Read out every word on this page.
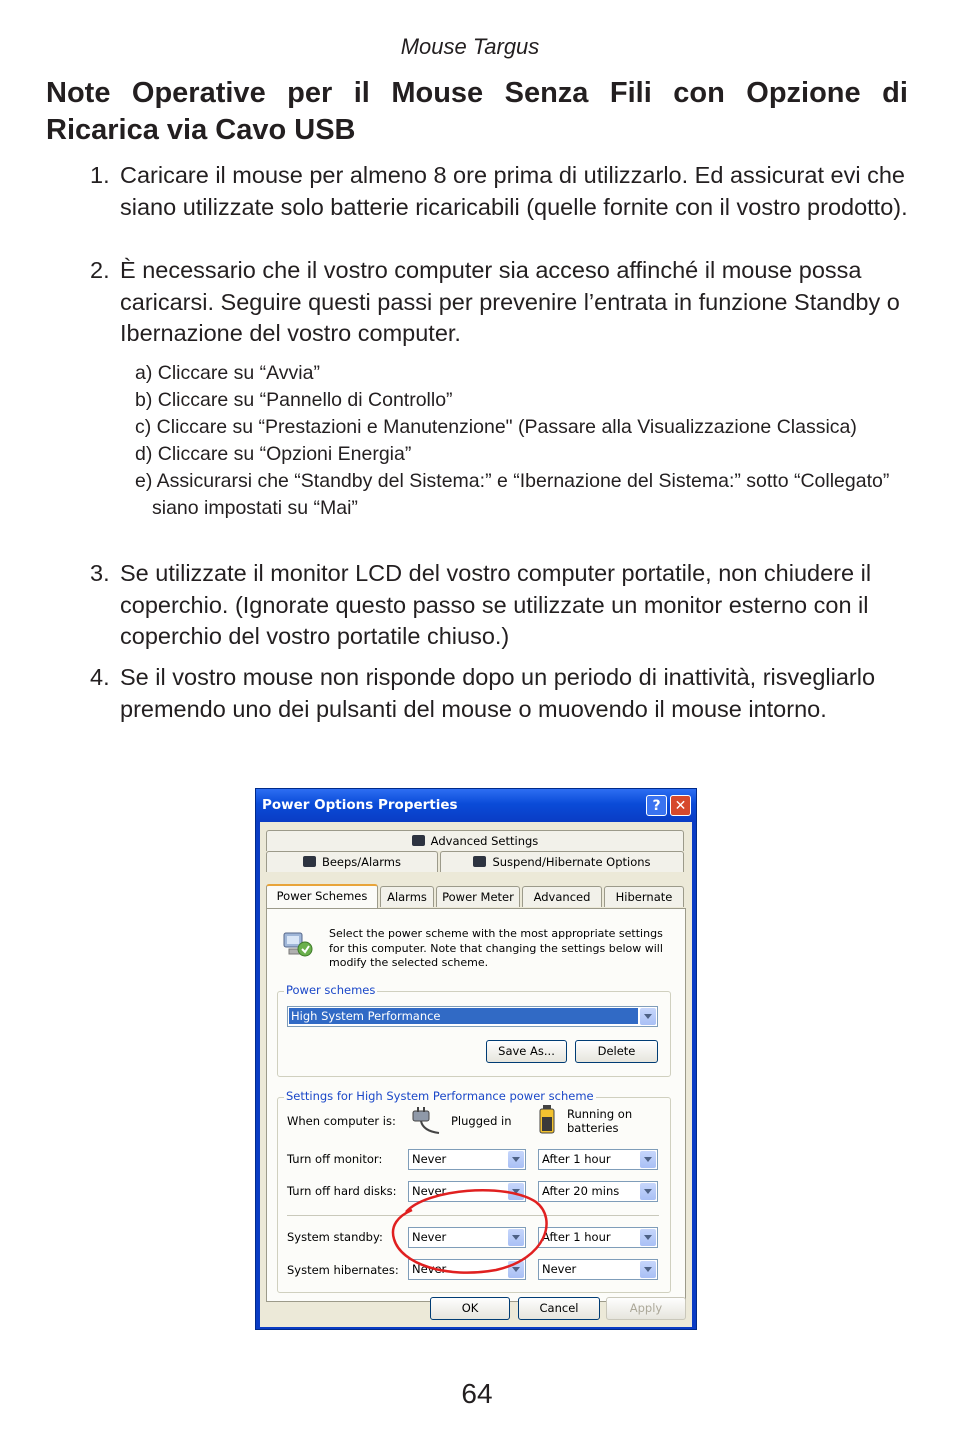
Mouse Targus
Note Operative per il Mouse Senza Fili con Opzione di
Ricarica via Cavo USB
1. Caricare il mouse per almeno 8 ore prima di utilizzarlo. Ed assicurat evi che siano utilizzate solo batterie ricaricabili (quelle fornite con il vostro prodotto).
2. È necessario che il vostro computer sia acceso affinché il mouse possa caricarsi. Seguire questi passi per prevenire l’entrata in funzione Standby o Ibernazione del vostro computer.
3. Se utilizzate il monitor LCD del vostro computer portatile, non chiudere il coperchio. (Ignorate questo passo se utilizzate un monitor esterno con il coperchio del vostro portatile chiuso.)
4. Se il vostro mouse non risponde dopo un periodo di inattività, risvegliarlo premendo uno dei pulsanti del mouse o muovendo il mouse intorno.
a) Cliccare su “Avvia”
b) Cliccare su “Pannello di Controllo”
c) Cliccare su “Prestazioni e Manutenzione" (Passare alla Visualizzazione Classica)
d) Cliccare su “Opzioni Energia”
e) Assicurarsi che “Standby del Sistema:” e “Ibernazione del Sistema:” sotto “Collegato” siano impostati su “Mai”
Power Options Properties	?	✕
Advanced Settings
Beeps/Alarms	Suspend/Hibernate Options
Power Schemes	Alarms	Power Meter	Advanced	Hibernate
Select the power scheme with the most appropriate settings for this computer. Note that changing the settings below will modify the selected scheme.
Power schemes
High System Performance
Save As...	Delete
Settings for High System Performance power scheme
When computer is:	Plugged in	Running on batteries
Turn off monitor:	Never	After 1 hour
Turn off hard disks:	Never	After 20 mins
System standby:	Never	After 1 hour
System hibernates:	Never	Never
OK	Cancel	Apply
64
